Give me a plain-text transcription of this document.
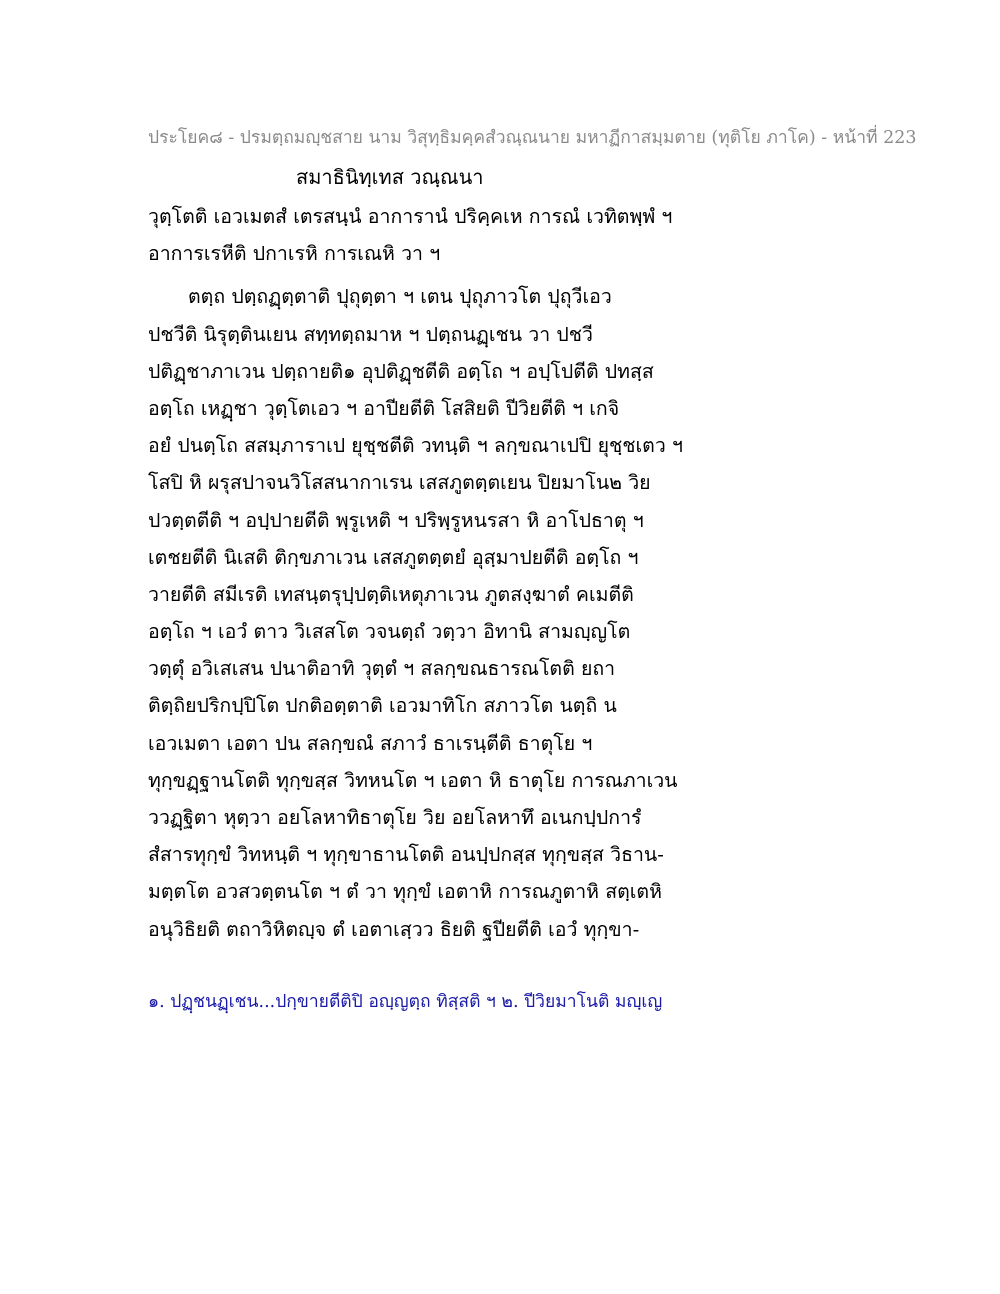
ประโยค๘ - ปรมตฺถมญฺชสาย นาม วิสุทฺธิมคฺคสํวณฺณนาย มหาฏีกาสมฺมตาย (ทุติโย ภาโค) - หน้าที่ 223
สมาธินิทฺเทส วณฺณนา
วุตฺโตติ เอวเมตสํ เตรสนฺนํ อาการานํ ปริคฺคเห การณํ เวทิตพฺพํ ฯ
อาการเรหีติ ปกาเรหิ การเณหิ วา ฯ
ตตฺถ ปตฺถฏฺตฺตาติ ปุถุตฺตา ฯ เตน ปุถุภาวโต ปุถุวีเอว
ปชวีติ นิรุตฺตินเยน สทฺทตฺถมาห ฯ ปตฺถนฏฺเชน วา ปชวี
ปติฏฺชาภาเวน ปตฺถายติ๑ อุปติฏฺชตีติ อตฺโถ ฯ อปฺโปตีติ ปทสฺส
อตฺโถ เหฏฺชา วุตฺโตเอว ฯ อาปียตีติ โสสิยติ ปีวิยตีติ ฯ เกจิ
อยํ ปนตฺโถ สสมฺภาราเป ยุชฺชตีติ วทนฺติ ฯ ลกฺขณาเปปิ ยุชฺชเตว ฯ
โสปิ หิ ผรุสปาจนวิโสสนากาเรน เสสภูตตฺตเยน ปิยมาโน๒ วิย
ปวตฺตตีติ ฯ อปฺปายตีติ พฺรูเหติ ฯ ปริพฺรูหนรสา หิ อาโปธาตุ ฯ
เตชยตีติ นิเสติ ติกฺขภาเวน เสสภูตตฺตยํ อุสฺมาปยตีติ อตฺโถ ฯ
วายตีติ สมีเรติ เทสนฺตรุปฺปตฺติเหตุภาเวน ภูตสงฺฆาตํ คเมตีติ
อตฺโถ ฯ เอวํ ตาว วิเสสโต วจนตฺถํ วตฺวา อิทานิ สามญฺญโต
วตฺตุํ อวิเสเสน ปนาติอาทิ วุตฺตํ ฯ สลกฺขณธารณโตติ ยถา
ติตฺถิยปริกปฺปิโต ปกติอตฺตาติ เอวมาทิโก สภาวโต นตฺถิ น
เอวเมตา เอตา ปน สลกฺขณํ สภาวํ ธาเรนฺตีติ ธาตุโย ฯ
ทุกฺขฏฺฐานโตติ ทุกฺขสฺส วิทหนโต ฯ เอตา หิ ธาตุโย การณภาเวน
ววฏฺฐิตา หุตฺวา อยโลหาทิธาตุโย วิย อยโลหาทึ อเนกปฺปการํ
สํสารทุกฺขํ วิทหนฺติ ฯ ทุกฺขาธานโตติ อนปฺปกสฺส ทุกฺขสฺส วิธาน-
มตฺตโต อวสวตฺตนโต ฯ ตํ วา ทุกฺขํ เอตาหิ การณภูตาหิ สตฺเตหิ
อนุวิธิยติ ตถาวิหิตญฺจ ตํ เอตาเสฺวว ธิยติ ฐปียตีติ เอวํ ทุกฺขา-
๑. ปฏฺชนฏฺเชน...ปกฺขายตีติปิ อญฺญตฺถ ทิสฺสติ ฯ ๒. ปีวิยมาโนติ มญฺเญ
